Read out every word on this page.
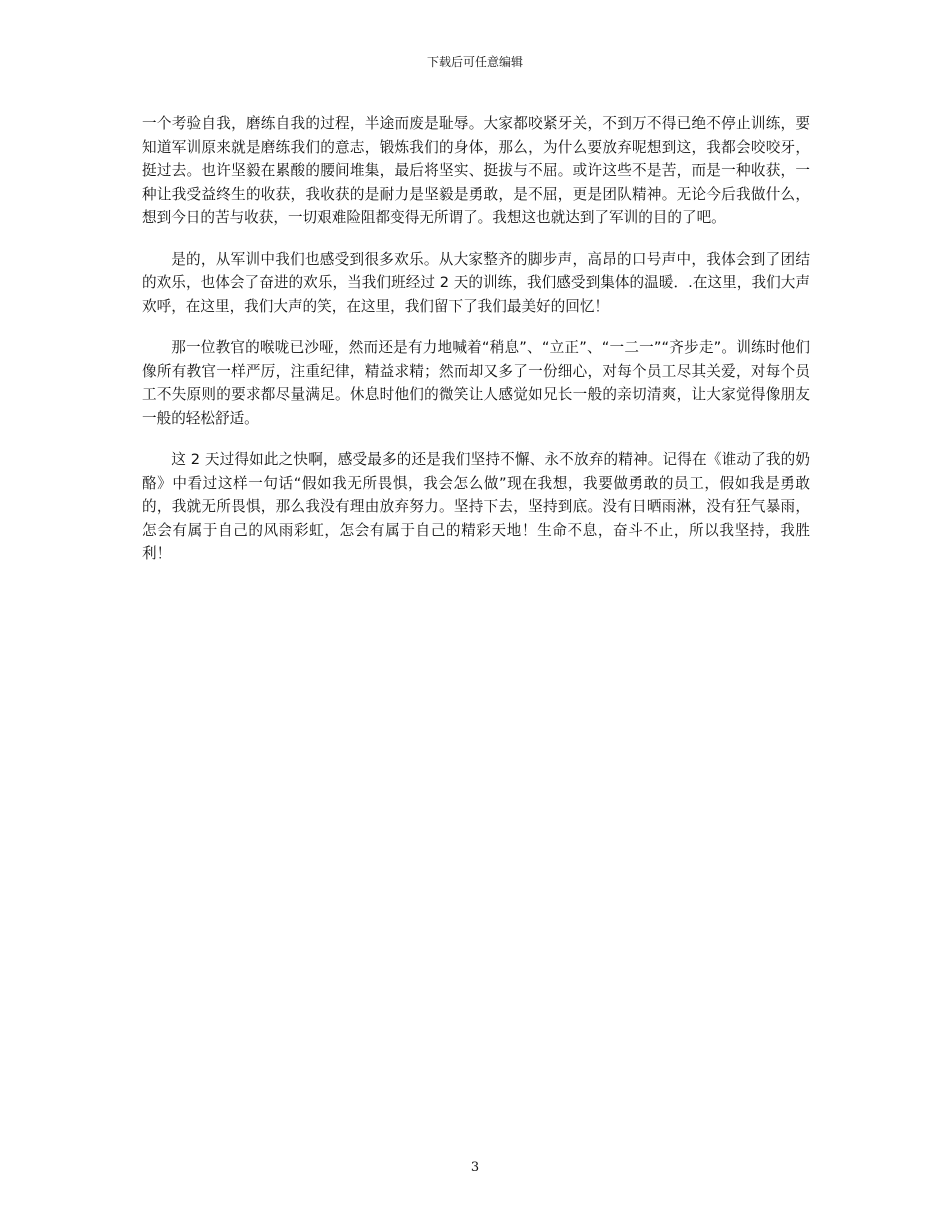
下载后可任意编辑

一个考验自我，磨练自我的过程，半途而废是耻辱。大家都咬紧牙关，不到万不得已绝不停止训练，要知道军训原来就是磨练我们的意志，锻炼我们的身体，那么，为什么要放弃呢想到这，我都会咬咬牙，挺过去。也许坚毅在累酸的腰间堆集，最后将坚实、挺拔与不屈。或许这些不是苦，而是一种收获，一种让我受益终生的收获，我收获的是耐力是坚毅是勇敢，是不屈，更是团队精神。无论今后我做什么，想到今日的苦与收获，一切艰难险阻都变得无所谓了。我想这也就达到了军训的目的了吧。

是的，从军训中我们也感受到很多欢乐。从大家整齐的脚步声，高昂的口号声中，我体会到了团结的欢乐，也体会了奋进的欢乐，当我们班经过 2 天的训练，我们感受到集体的温暖．.在这里，我们大声欢呼，在这里，我们大声的笑，在这里，我们留下了我们最美好的回忆！

那一位教官的喉咙已沙哑，然而还是有力地喊着“稍息”、“立正”、“一二一”“齐步走”。训练时他们像所有教官一样严厉，注重纪律，精益求精；然而却又多了一份细心，对每个员工尽其关爱，对每个员工不失原则的要求都尽量满足。休息时他们的微笑让人感觉如兄长一般的亲切清爽，让大家觉得像朋友一般的轻松舒适。

这 2 天过得如此之快啊，感受最多的还是我们坚持不懈、永不放弃的精神。记得在《谁动了我的奶酪》中看过这样一句话“假如我无所畏惧，我会怎么做”现在我想，我要做勇敢的员工，假如我是勇敢的，我就无所畏惧，那么我没有理由放弃努力。坚持下去，坚持到底。没有日晒雨淋，没有狂气暴雨，怎会有属于自己的风雨彩虹，怎会有属于自己的精彩天地！生命不息，奋斗不止，所以我坚持，我胜利！

3
